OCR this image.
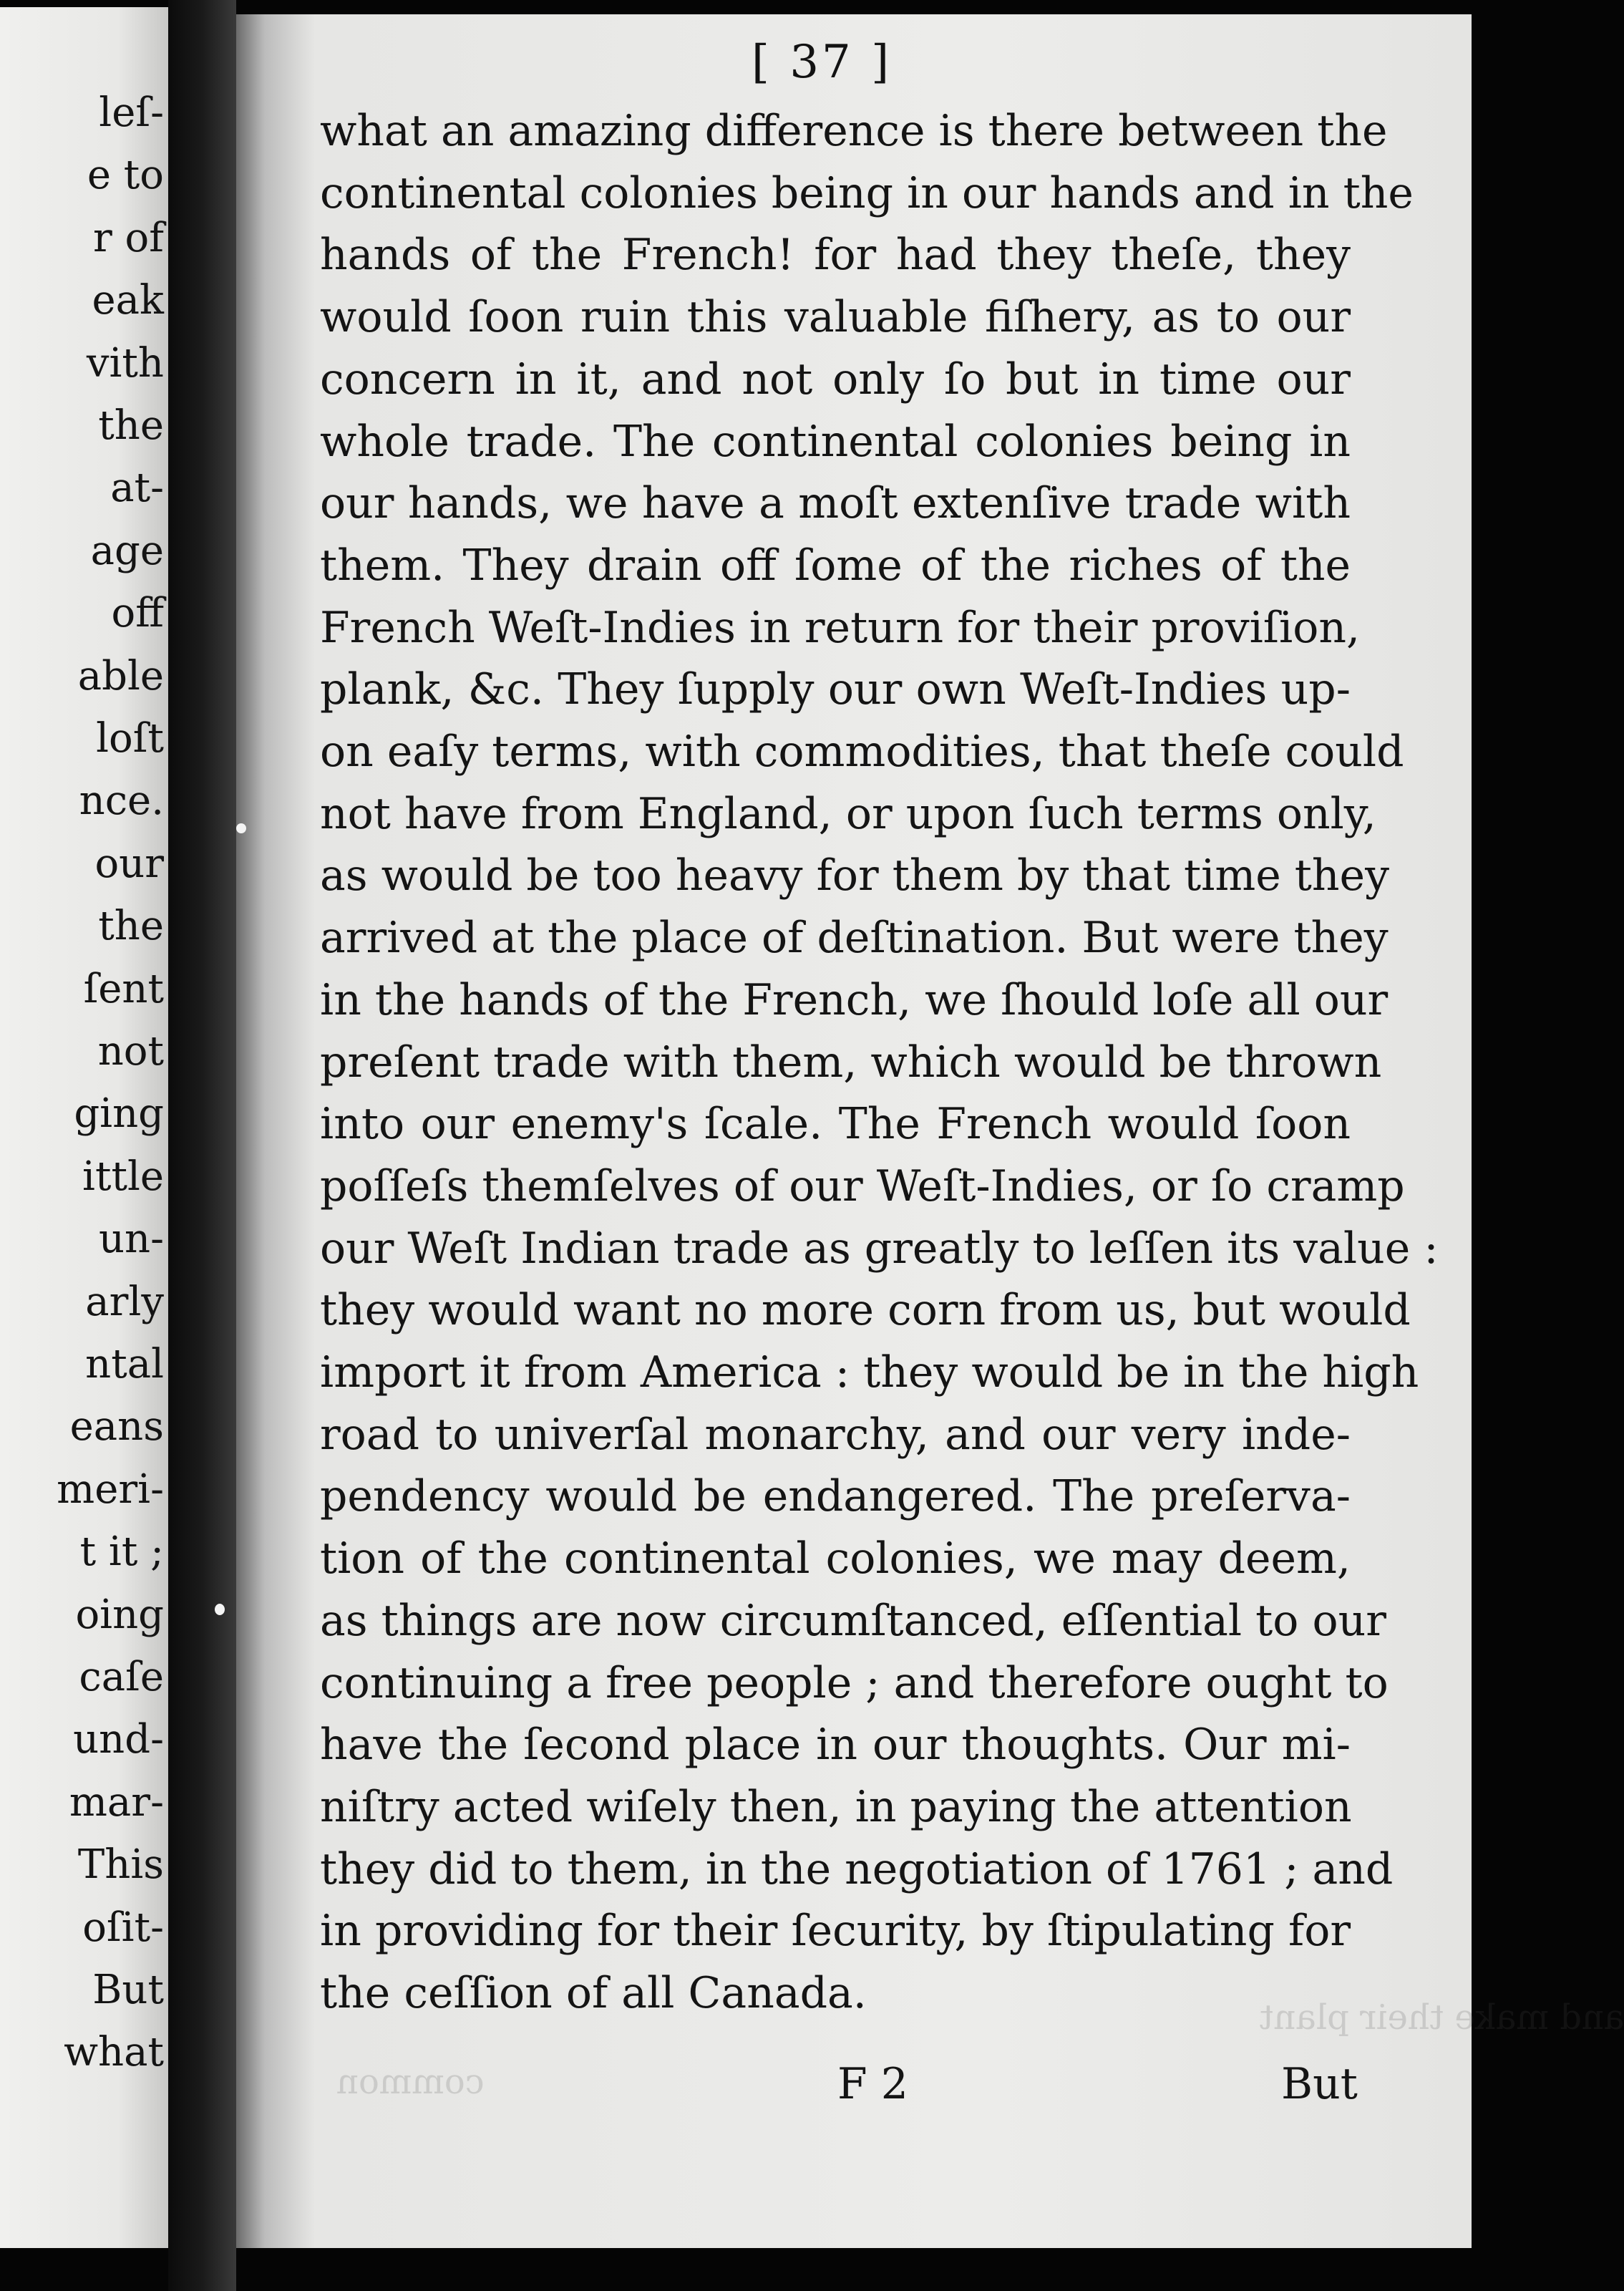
leſ-
e to
r of
eak
vith
the
at-
age
off
able
loſt
nce.
our
the
ſent
not
ging
ittle
un-
arly
ntal
eans
meri-
t it ;
oing
caſe
und-
mar-
This
oſit-
But
what
[ 37 ]
what an amazing difference is there between the
continental colonies being in our hands and in the
hands of the French! for had they theſe, they
would ſoon ruin this valuable fiſhery, as to our
concern in it, and not only ſo but in time our
whole trade. The continental colonies being in
our hands, we have a moſt extenſive trade with
them. They drain off ſome of the riches of the
French Weſt-Indies in return for their proviſion,
plank, &c. They ſupply our own Weſt-Indies up-
on eaſy terms, with commodities, that theſe could
not have from England, or upon ſuch terms only,
as would be too heavy for them by that time they
arrived at the place of deſtination. But were they
in the hands of the French, we ſhould loſe all our
preſent trade with them, which would be thrown
into our enemy's ſcale. The French would ſoon
poſſeſs themſelves of our Weſt-Indies, or ſo cramp
our Weſt Indian trade as greatly to leſſen its value :
they would want no more corn from us, but would
import it from America : they would be in the high
road to univerſal monarchy, and our very inde-
pendency would be endangered. The preſerva-
tion of the continental colonies, we may deem,
as things are now circumſtanced, eſſential to our
continuing a free people ; and therefore ought to
have the ſecond place in our thoughts. Our mi-
niſtry acted wiſely then, in paying the attention
they did to them, in the negotiation of 1761 ; and
in providing for their ſecurity, by ſtipulating for
the ceſſion of all Canada.	and make their plant
common	F 2	But
